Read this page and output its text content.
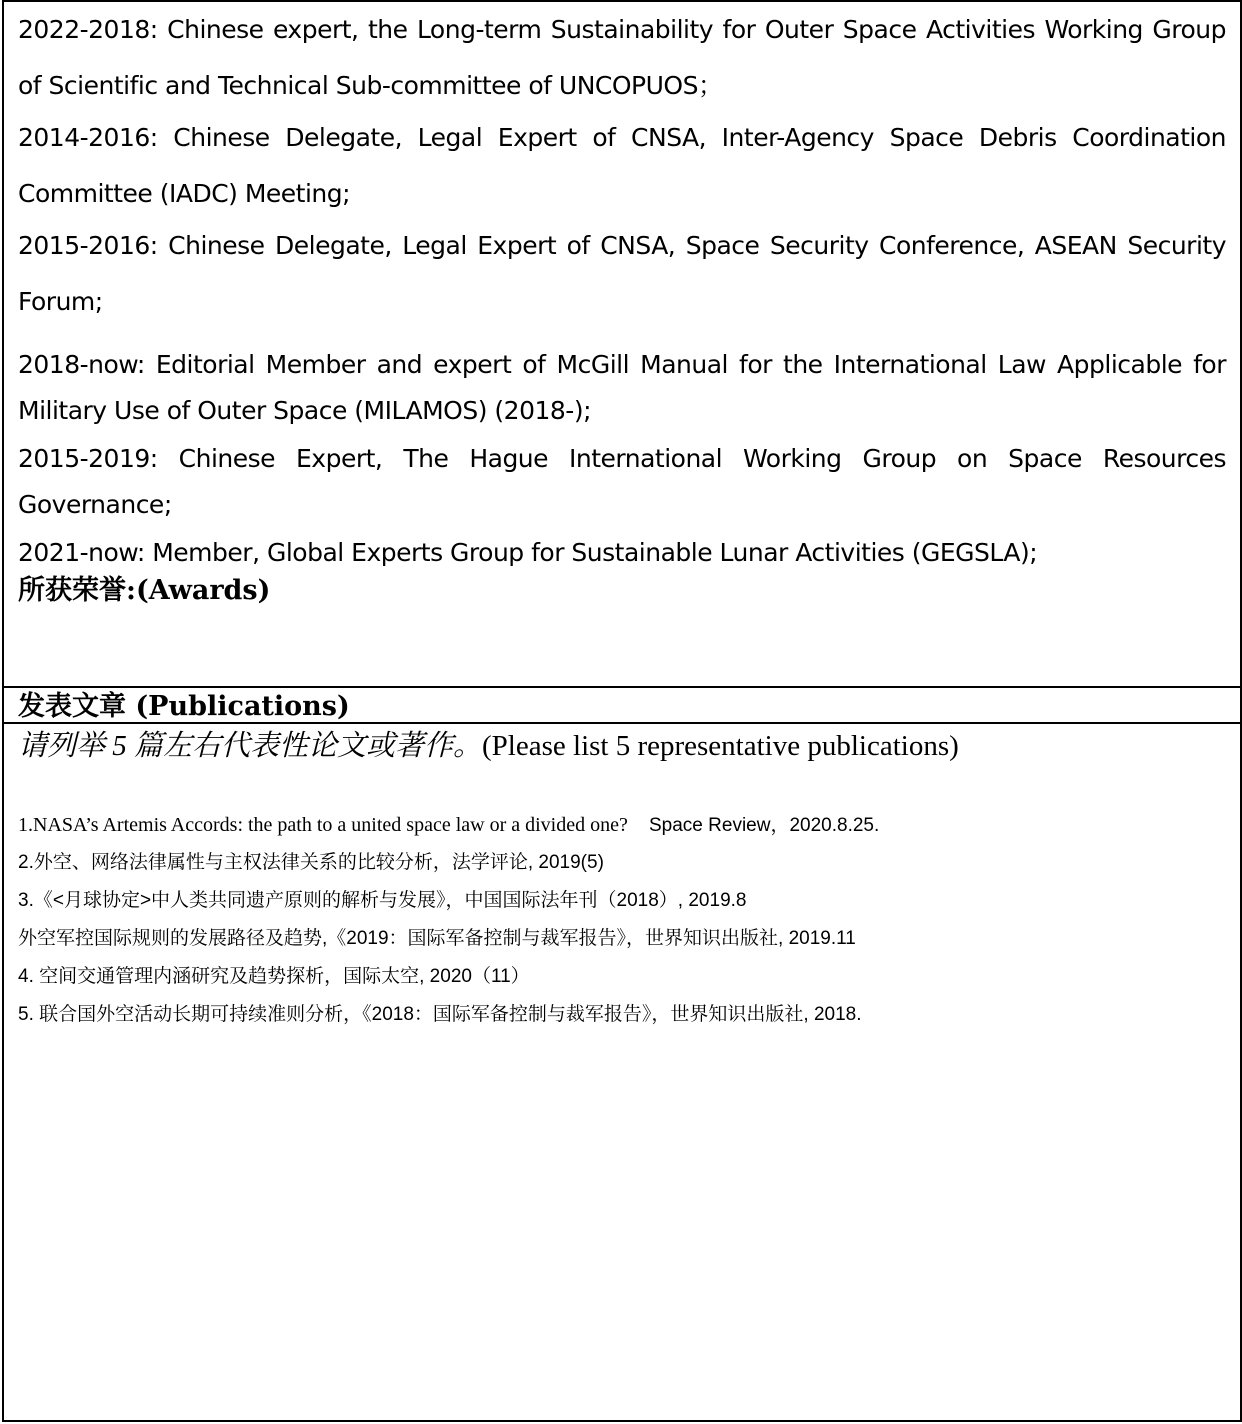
2022-2018: Chinese expert, the Long-term Sustainability for Outer Space Activities Working Group of Scientific and Technical Sub-committee of UNCOPUOS；

2014-2016: Chinese Delegate, Legal Expert of CNSA, Inter-Agency Space Debris Coordination Committee (IADC) Meeting;

2015-2016: Chinese Delegate, Legal Expert of CNSA, Space Security Conference, ASEAN Security Forum;

2018-now: Editorial Member and expert of McGill Manual for the International Law Applicable for Military Use of Outer Space (MILAMOS) (2018-);

2015-2019: Chinese Expert, The Hague International Working Group on Space Resources Governance;

2021-now: Member, Global Experts Group for Sustainable Lunar Activities (GEGSLA);

所获荣誉:(Awards)

发表文章 (Publications)

请列举 5 篇左右代表性论文或著作。(Please list 5 representative publications)

1.NASA’s Artemis Accords: the path to a united space law or a divided one? Space Review，2020.8.25.

2.外空、网络法律属性与主权法律关系的比较分析，法学评论, 2019(5)

3.《<月球协定>中人类共同遗产原则的解析与发展》，中国国际法年刊（2018）, 2019.8

外空军控国际规则的发展路径及趋势,《2019：国际军备控制与裁军报告》，世界知识出版社, 2019.11

4. 空间交通管理内涵研究及趋势探析，国际太空, 2020（11）

5. 联合国外空活动长期可持续准则分析，《2018：国际军备控制与裁军报告》，世界知识出版社, 2018.
